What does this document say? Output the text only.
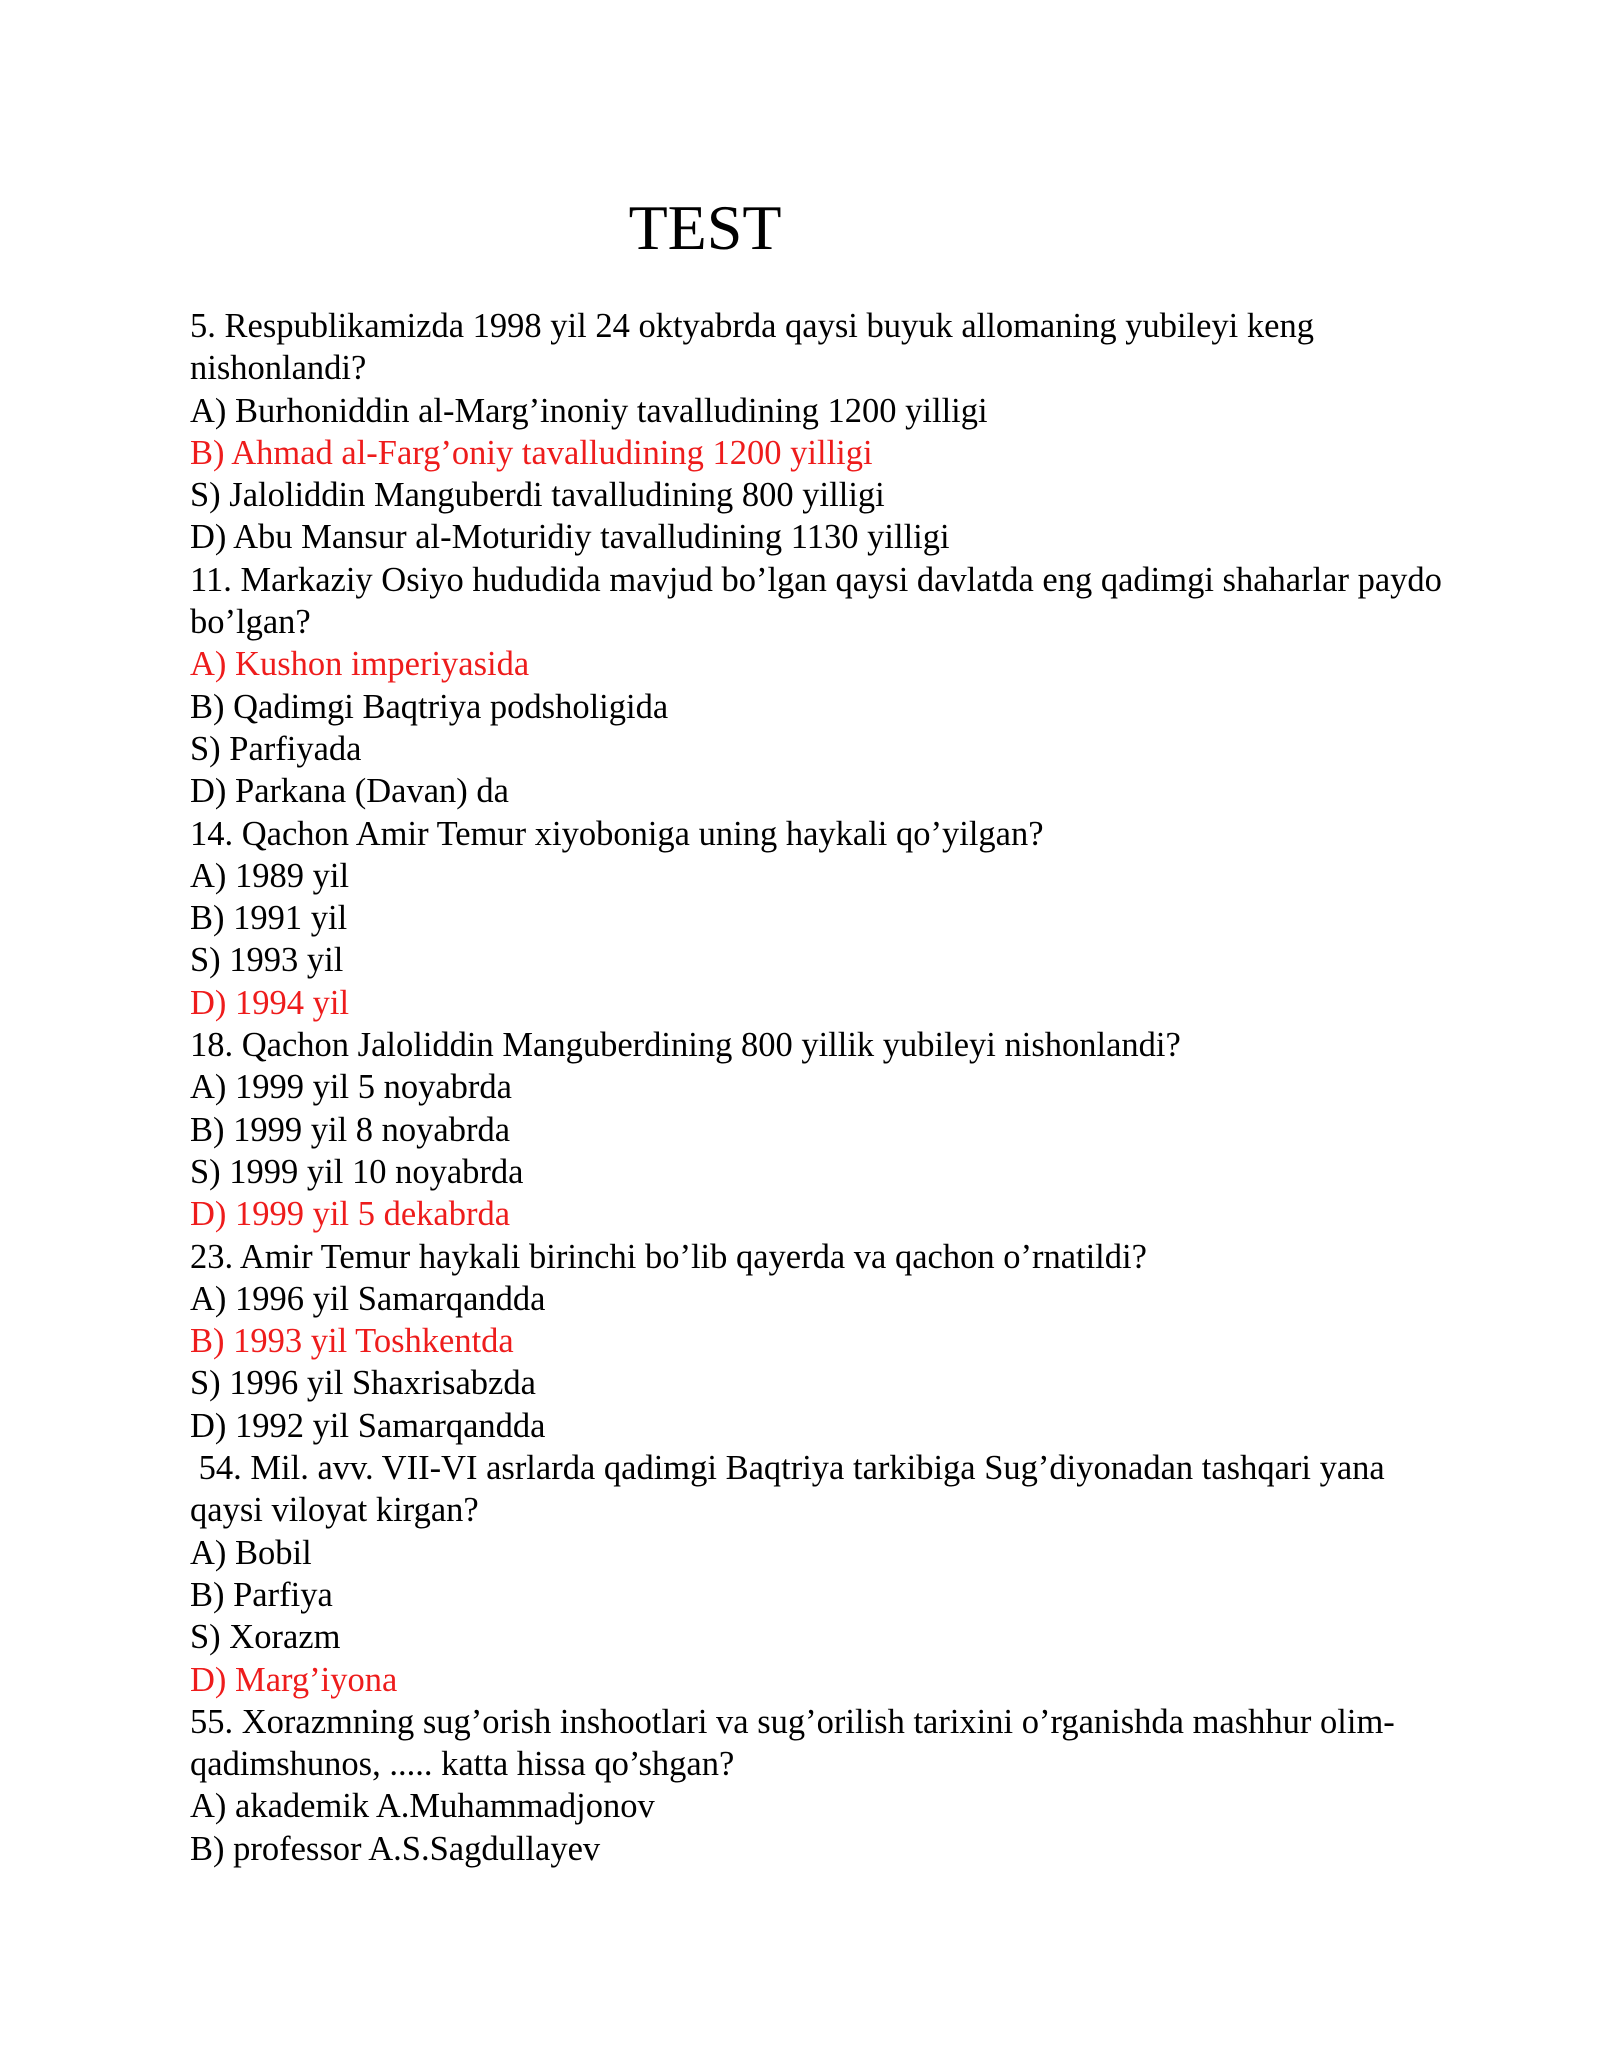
TEST
5. Respublikamizda 1998 yil 24 oktyabrda qaysi buyuk allomaning yubileyi keng nishonlandi?
A) Burhoniddin al-Marg’inoniy tavalludining 1200 yilligi
B) Ahmad al-Farg’oniy tavalludining 1200 yilligi
S) Jaloliddin Manguberdi tavalludining 800 yilligi
D) Abu Mansur al-Moturidiy tavalludining 1130 yilligi
11. Markaziy Osiyo hududida mavjud bo’lgan qaysi davlatda eng qadimgi shaharlar paydo bo’lgan?
A) Kushon imperiyasida
B) Qadimgi Baqtriya podsholigida
S) Parfiyada
D) Parkana (Davan) da
14. Qachon Amir Temur xiyoboniga uning haykali qo’yilgan?
A) 1989 yil
B) 1991 yil
S) 1993 yil
D) 1994 yil
18. Qachon Jaloliddin Manguberdining 800 yillik yubileyi nishonlandi?
A) 1999 yil 5 noyabrda
B) 1999 yil 8 noyabrda
S) 1999 yil 10 noyabrda
D) 1999 yil 5 dekabrda
23. Amir Temur haykali birinchi bo’lib qayerda va qachon o’rnatildi?
A) 1996 yil Samarqandda
B) 1993 yil Toshkentda
S) 1996 yil Shaxrisabzda
D) 1992 yil Samarqandda
54. Mil. avv. VII-VI asrlarda qadimgi Baqtriya tarkibiga Sug’diyonadan tashqari yana qaysi viloyat kirgan?
A) Bobil
B) Parfiya
S) Xorazm
D) Marg’iyona
55. Xorazmning sug’orish inshootlari va sug’orilish tarixini o’rganishda mashhur olim-qadimshunos, ..... katta hissa qo’shgan?
A) akademik A.Muhammadjonov
B) professor A.S.Sagdullayev
